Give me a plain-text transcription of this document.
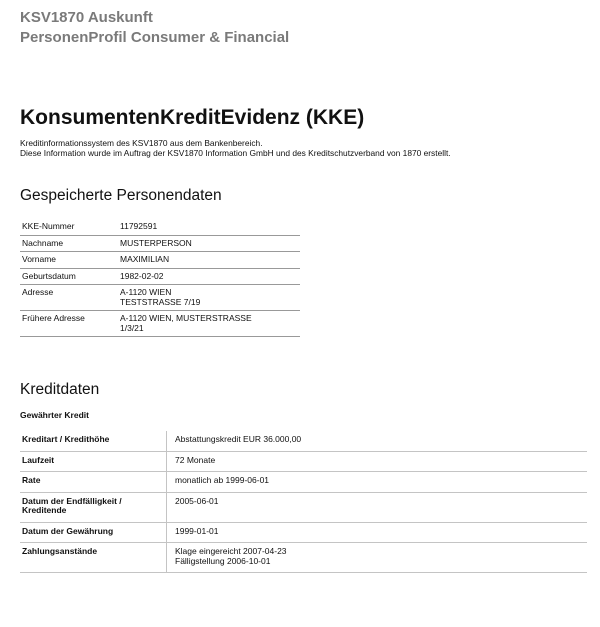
KSV1870 Auskunft
PersonenProfil Consumer & Financial
KonsumentenKreditEvidenz (KKE)
Kreditinformationssystem des KSV1870 aus dem Bankenbereich.
Diese Information wurde im Auftrag der KSV1870 Information GmbH und des Kreditschutzverband von 1870 erstellt.
Gespeicherte Personendaten
KKE-Nummer	11792591

Nachname	MUSTERPERSON

Vorname	MAXIMILIAN

Geburtsdatum	1982-02-02

Adresse	A-1120 WIEN
TESTSTRASSE 7/19

Frühere Adresse	A-1120 WIEN, MUSTERSTRASSE
1/3/21
Kreditdaten
Gewährter Kredit
Kreditart / Kredithöhe	Abstattungskredit EUR 36.000,00

Laufzeit	72 Monate

Rate	monatlich ab 1999-06-01

Datum der Endfälligkeit /
Kreditende	2005-06-01

Datum der Gewährung	1999-01-01

Zahlungsanstände	Klage eingereicht 2007-04-23
Fälligstellung 2006-10-01
